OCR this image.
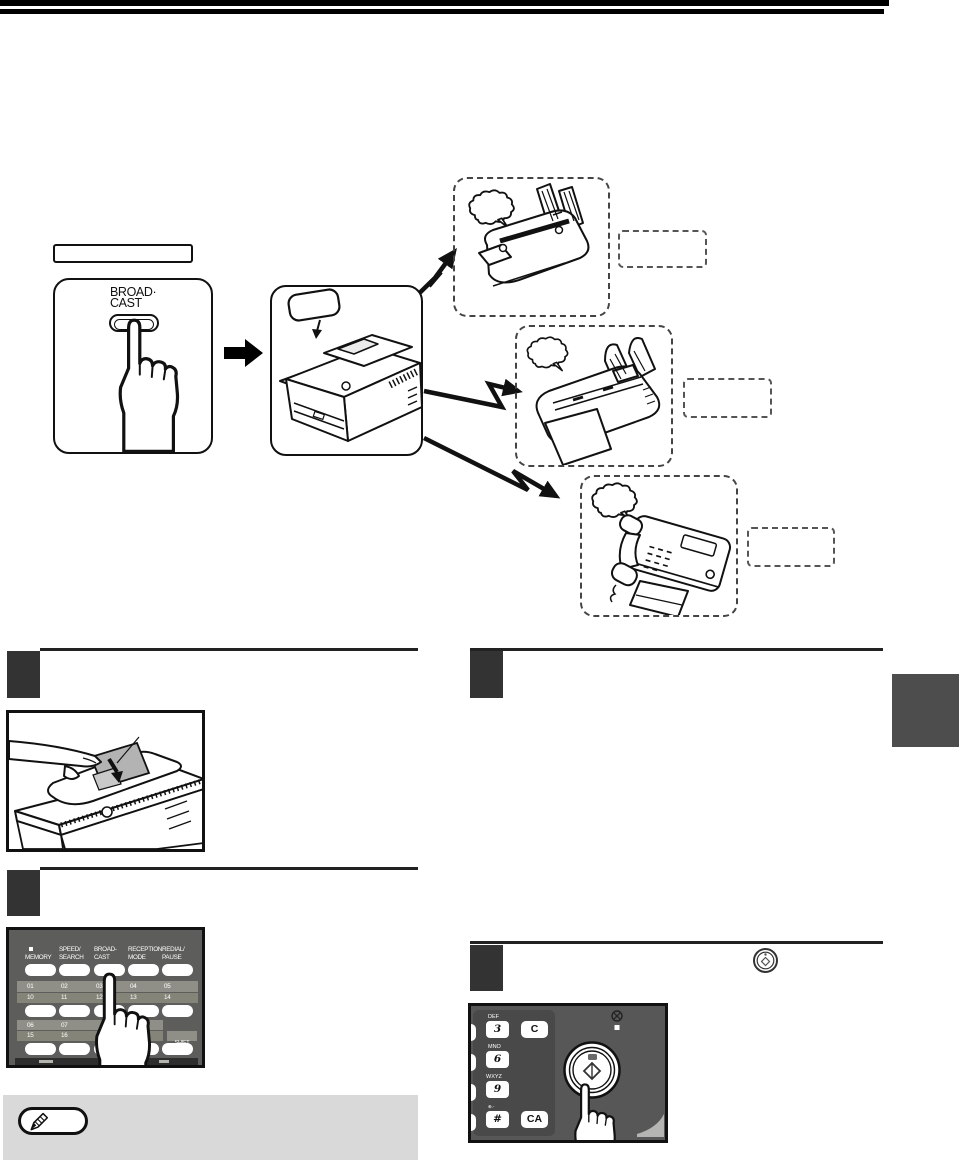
BROAD·
CAST

MEMORY
SPEED/
SEARCH
BROAD-
CAST
RECEPTION
MODE
REDIAL/
PAUSE
01	02	03	04	05
10	11	12	13	14
06	07
15	16
DEF
3
MNO
6
WXYZ
9
⊕.-
#
C
CA
